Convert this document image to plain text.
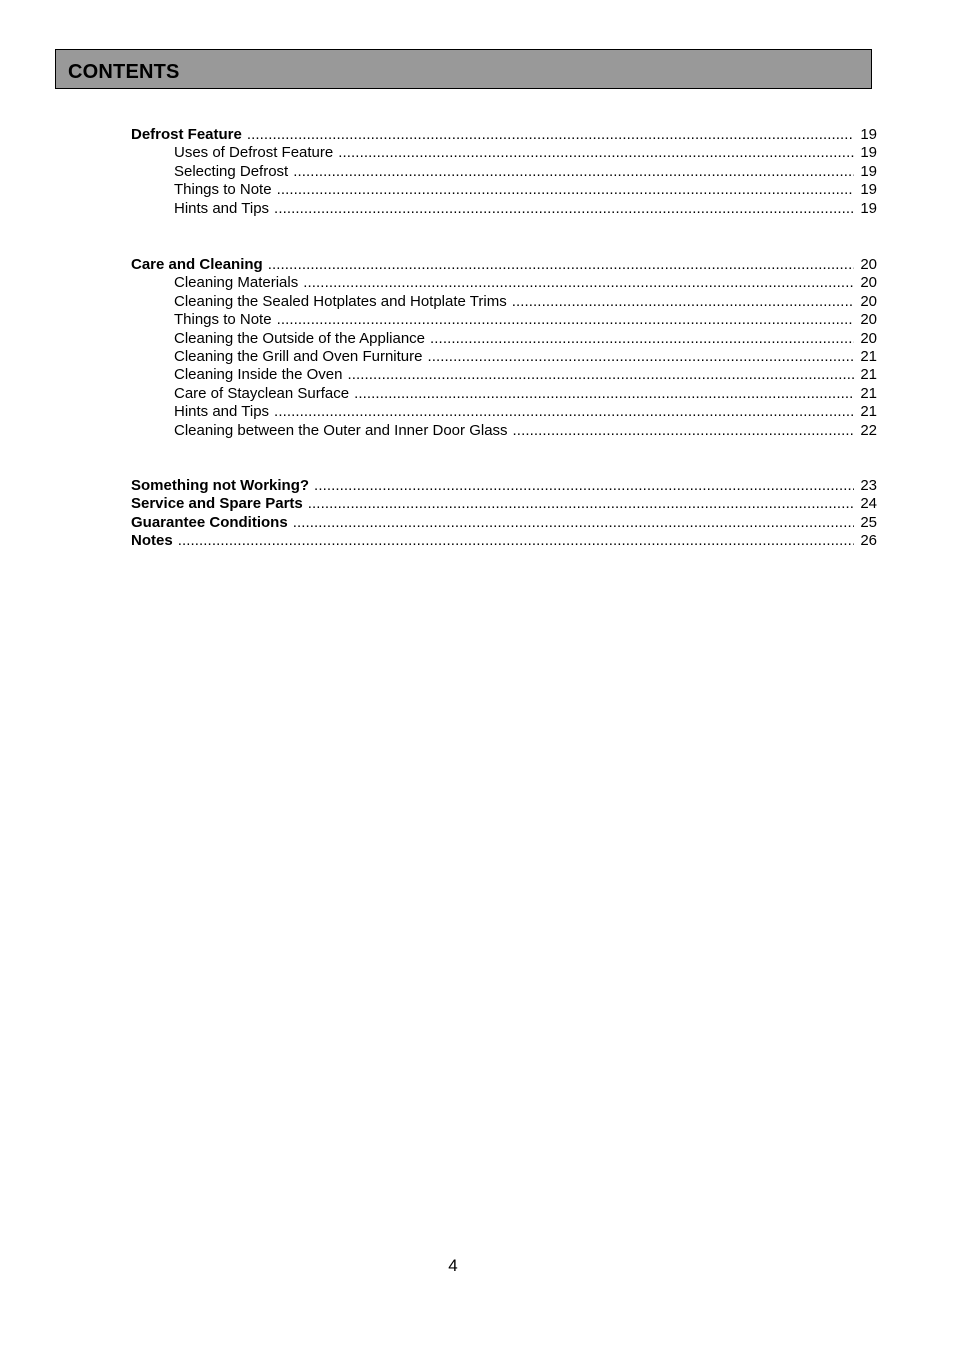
CONTENTS
Defrost Feature .....	19
Uses of Defrost Feature .....	19
Selecting Defrost .....	19
Things to Note .....	19
Hints and Tips .....	19
Care and Cleaning .....	20
Cleaning Materials .....	20
Cleaning the Sealed Hotplates and Hotplate Trims .....	20
Things to Note .....	20
Cleaning the Outside of the Appliance .....	20
Cleaning the Grill and Oven Furniture .....	21
Cleaning Inside the Oven .....	21
Care of Stayclean Surface .....	21
Hints and Tips .....	21
Cleaning between the Outer and Inner Door Glass .....	22
Something not Working? .....	23
Service and Spare Parts .....	24
Guarantee Conditions .....	25
Notes .....	26
4
